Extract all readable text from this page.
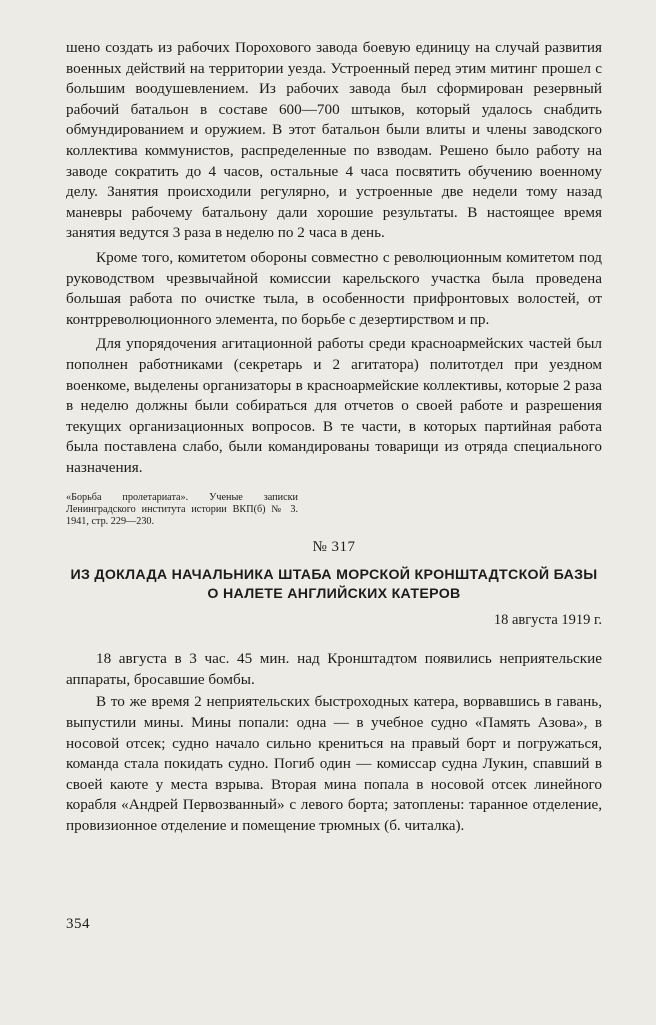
шено создать из рабочих Порохового завода боевую единицу на случай развития военных действий на территории уезда. Устроенный перед этим митинг прошел с большим воодушевлением. Из рабочих завода был сформирован резервный рабочий батальон в составе 600—700 штыков, который удалось снабдить обмундированием и оружием. В этот батальон были влиты и члены заводского коллектива коммунистов, распределенные по взводам. Решено было работу на заводе сократить до 4 часов, остальные 4 часа посвятить обучению военному делу. Занятия происходили регулярно, и устроенные две недели тому назад маневры рабочему батальону дали хорошие результаты. В настоящее время занятия ведутся 3 раза в неделю по 2 часа в день.

Кроме того, комитетом обороны совместно с революционным комитетом под руководством чрезвычайной комиссии карельского участка была проведена большая работа по очистке тыла, в особенности прифронтовых волостей, от контрреволюционного элемента, по борьбе с дезертирством и пр.

Для упорядочения агитационной работы среди красноармейских частей был пополнен работниками (секретарь и 2 агитатора) политотдел при уездном военкоме, выделены организаторы в красноармейские коллективы, которые 2 раза в неделю должны были собираться для отчетов о своей работе и разрешения текущих организационных вопросов. В те части, в которых партийная работа была поставлена слабо, были командированы товарищи из отряда специального назначения.

«Борьба пролетариата». Ученые записки Ленинградского института истории ВКП(б) № 3. 1941, стр. 229—230.
№ 317
ИЗ ДОКЛАДА НАЧАЛЬНИКА ШТАБА МОРСКОЙ КРОНШТАДТСКОЙ БАЗЫ О НАЛЕТЕ АНГЛИЙСКИХ КАТЕРОВ
18 августа 1919 г.

18 августа в 3 час. 45 мин. над Кронштадтом появились неприятельские аппараты, бросавшие бомбы.

В то же время 2 неприятельских быстроходных катера, ворвавшись в гавань, выпустили мины. Мины попали: одна — в учебное судно «Память Азова», в носовой отсек; судно начало сильно крениться на правый борт и погружаться, команда стала покидать судно. Погиб один — комиссар судна Лукин, спавший в своей каюте у места взрыва. Вторая мина попала в носовой отсек линейного корабля «Андрей Первозванный» с левого борта; затоплены: таранное отделение, провизионное отделение и помещение трюмных (б. читалка).

354
